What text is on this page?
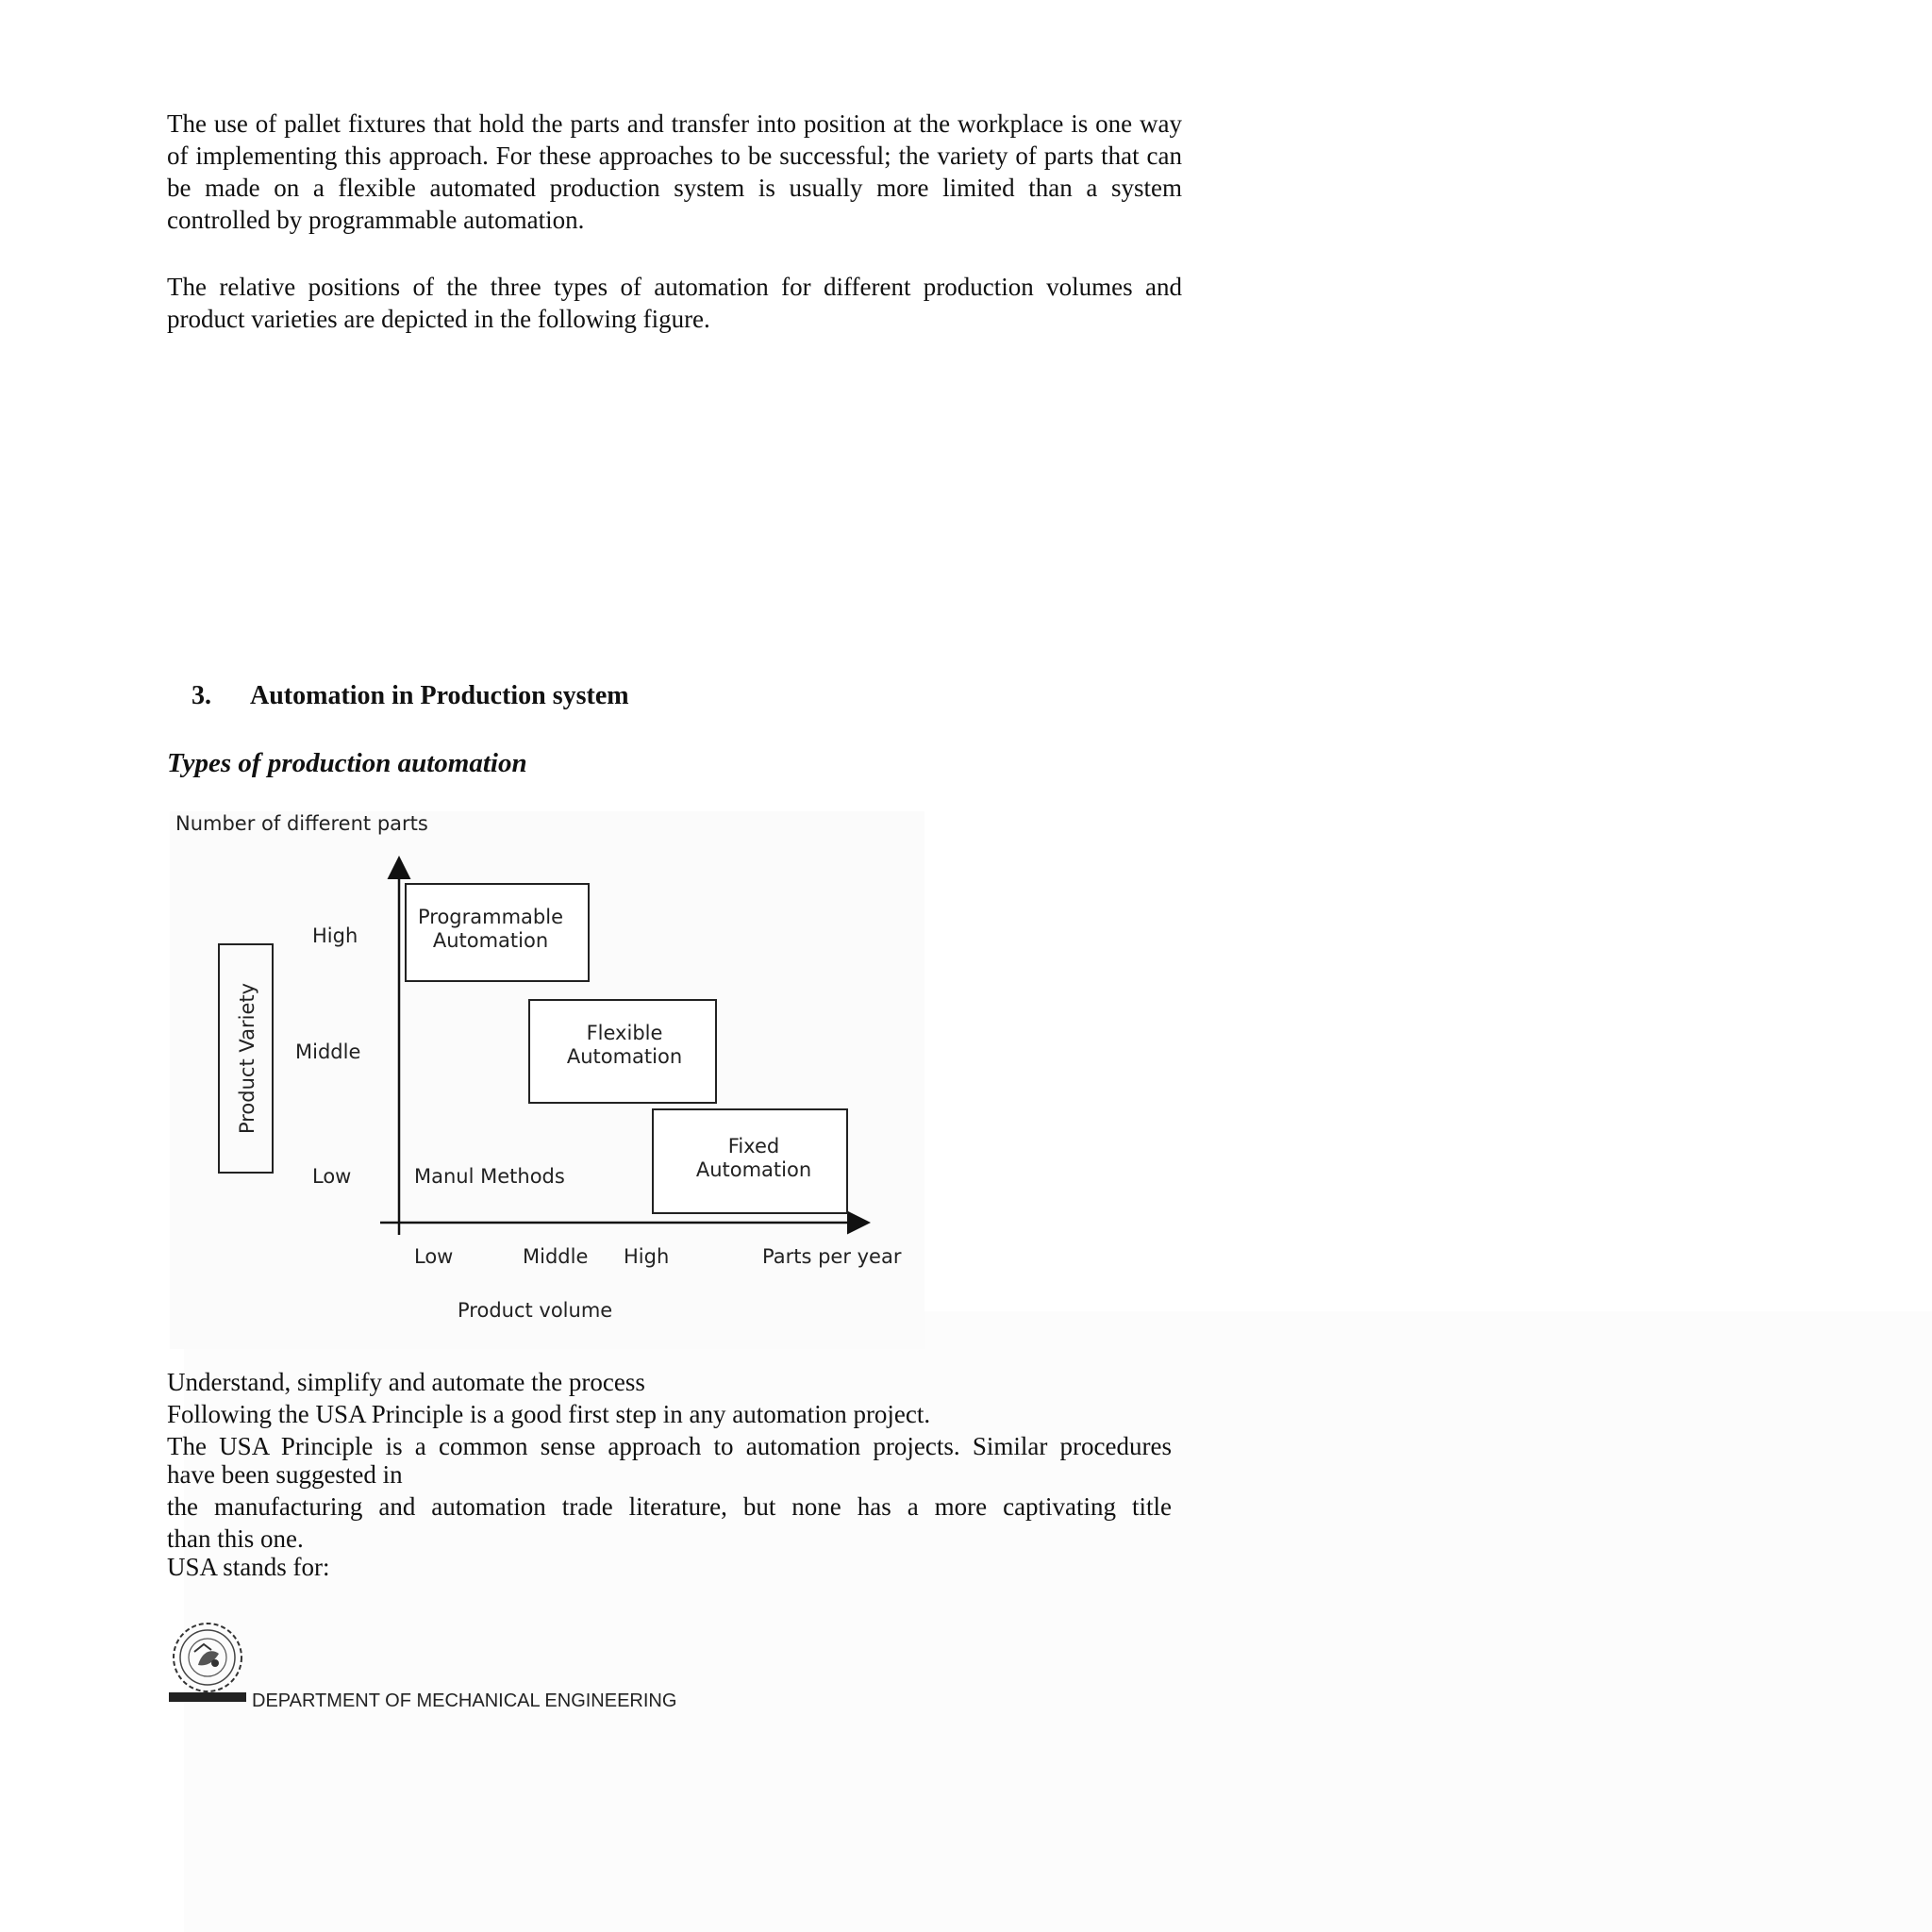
The use of pallet fixtures that hold the parts and transfer into position at the workplace is one way of implementing this approach. For these approaches to be successful; the variety of parts that can be made on a flexible automated production system is usually more limited than a system controlled by programmable automation.

The relative positions of the three types of automation for different production volumes and product varieties are depicted in the following figure.

3. Automation in Production system
Types of production automation
Number of different parts
Product Variety
High
Middle
Low
Programmable
Automation
Flexible
Automation
Fixed
Automation
Manul Methods
Low	Middle High	Parts per year
Product volume

Understand, simplify and automate the process

Following the USA Principle is a good first step in any automation project.

The USA Principle is a common sense approach to automation projects. Similar procedures

have been suggested in

the manufacturing and automation trade literature, but none has a more captivating title

than this one.

USA stands for:

DEPARTMENT OF MECHANICAL ENGINEERING
